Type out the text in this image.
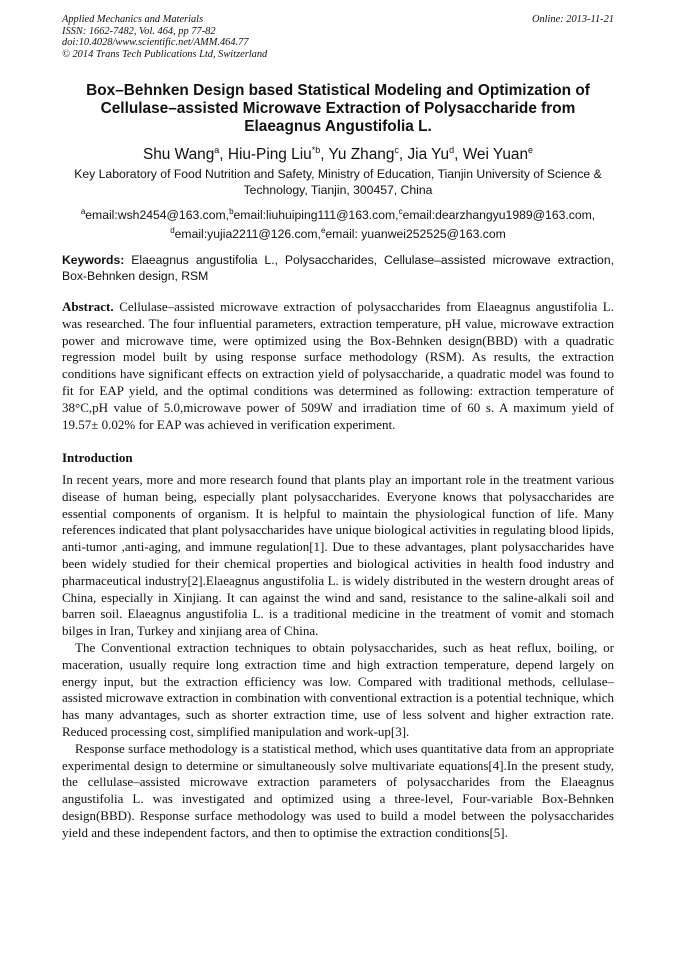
Applied Mechanics and Materials
ISSN: 1662-7482, Vol. 464, pp 77-82
doi:10.4028/www.scientific.net/AMM.464.77
© 2014 Trans Tech Publications Ltd, Switzerland
Online: 2013-11-21
Box–Behnken Design based Statistical Modeling and Optimization of Cellulase–assisted Microwave Extraction of Polysaccharide from Elaeagnus Angustifolia L.
Shu Wang$^a$, Hiu-Ping Liu$^{*b}$, Yu Zhang$^c$, Jia Yu$^d$, Wei Yuan$^e$
Key Laboratory of Food Nutrition and Safety, Ministry of Education, Tianjin University of Science & Technology, Tianjin, 300457, China
$^a$email:wsh2454@163.com,$^b$email:liuhuiping111@163.com,$^c$email:dearzhangyu1989@163.com,
$^d$email:yujia2211@126.com,$^e$email: yuanwei252525@163.com
Keywords: Elaeagnus angustifolia L., Polysaccharides, Cellulase–assisted microwave extraction, Box-Behnken design, RSM
Abstract. Cellulase–assisted microwave extraction of polysaccharides from Elaeagnus angustifolia L. was researched. The four influential parameters, extraction temperature, pH value, microwave extraction power and microwave time, were optimized using the Box-Behnken design(BBD) with a quadratic regression model built by using response surface methodology (RSM). As results, the extraction conditions have significant effects on extraction yield of polysaccharide, a quadratic model was found to fit for EAP yield, and the optimal conditions was determined as following: extraction temperature of 38°C,pH value of 5.0,microwave power of 509W and irradiation time of 60 s. A maximum yield of 19.57± 0.02% for EAP was achieved in verification experiment.
Introduction

In recent years, more and more research found that plants play an important role in the treatment various disease of human being, especially plant polysaccharides. Everyone knows that polysaccharides are essential components of organism. It is helpful to maintain the physiological function of life. Many references indicated that plant polysaccharides have unique biological activities in regulating blood lipids, anti-tumor ,anti-aging, and immune regulation[1]. Due to these advantages, plant polysaccharides have been widely studied for their chemical properties and biological activities in health food industry and pharmaceutical industry[2].Elaeagnus angustifolia L. is widely distributed in the western drought areas of China, especially in Xinjiang. It can against the wind and sand, resistance to the saline-alkali soil and barren soil. Elaeagnus angustifolia L. is a traditional medicine in the treatment of vomit and stomach bilges in Iran, Turkey and xinjiang area of China.

The Conventional extraction techniques to obtain polysaccharides, such as heat reflux, boiling, or maceration, usually require long extraction time and high extraction temperature, depend largely on energy input, but the extraction efficiency was low. Compared with traditional methods, cellulase–assisted microwave extraction in combination with conventional extraction is a potential technique, which has many advantages, such as shorter extraction time, use of less solvent and higher extraction rate. Reduced processing cost, simplified manipulation and work-up[3].

Response surface methodology is a statistical method, which uses quantitative data from an appropriate experimental design to determine or simultaneously solve multivariate equations[4].In the present study, the cellulase–assisted microwave extraction parameters of polysaccharides from the Elaeagnus angustifolia L. was investigated and optimized using a three-level, Four-variable Box-Behnken design(BBD). Response surface methodology was used to build a model between the polysaccharides yield and these independent factors, and then to optimise the extraction conditions[5].
